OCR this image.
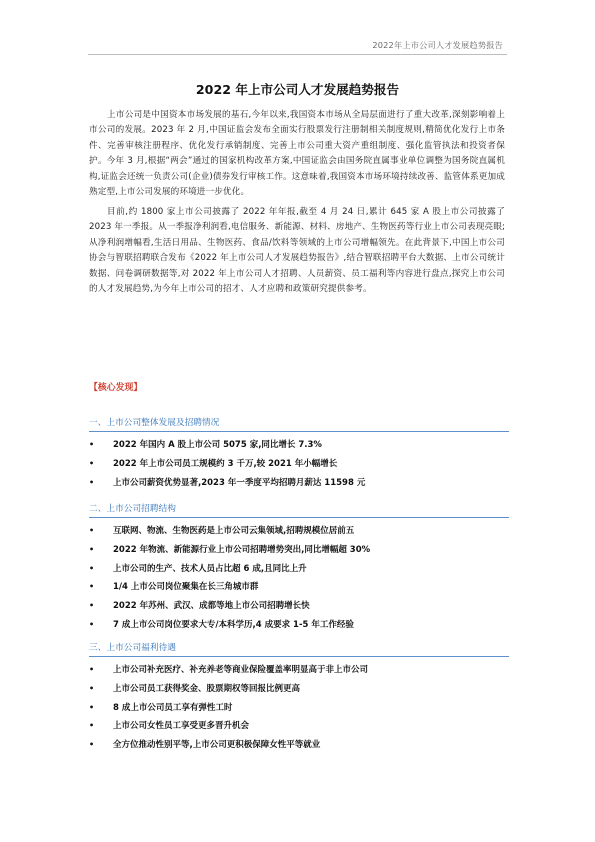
2022年上市公司人才发展趋势报告
2022 年上市公司人才发展趋势报告

上市公司是中国资本市场发展的基石,今年以来,我国资本市场从全局层面进行了重大改革,深刻影响着上市公司的发展。2023 年 2 月,中国证监会发布全面实行股票发行注册制相关制度规则,精简优化发行上市条件、完善审核注册程序、优化发行承销制度、完善上市公司重大资产重组制度、强化监管执法和投资者保护。今年 3 月,根据“两会”通过的国家机构改革方案,中国证监会由国务院直属事业单位调整为国务院直属机构,证监会还统一负责公司(企业)债券发行审核工作。这意味着,我国资本市场环境持续改善、监管体系更加成熟定型,上市公司发展的环境进一步优化。

目前,约 1800 家上市公司披露了 2022 年年报,截至 4 月 24 日,累计 645 家 A 股上市公司披露了 2023 年一季报。从一季报净利润看,电信服务、新能源、材料、房地产、生物医药等行业上市公司表现亮眼;从净利润增幅看,生活日用品、生物医药、食品/饮料等领域的上市公司增幅领先。在此背景下,中国上市公司协会与智联招聘联合发布《2022 年上市公司人才发展趋势报告》,结合智联招聘平台大数据、上市公司统计数据、问卷调研数据等,对 2022 年上市公司人才招聘、人员薪资、员工福利等内容进行盘点,探究上市公司的人才发展趋势,为今年上市公司的招才、人才应聘和政策研究提供参考。

【核心发现】
一、上市公司整体发展及招聘情况
• 2022 年国内 A 股上市公司 5075 家,同比增长 7.3%
• 2022 年上市公司员工规模约 3 千万,较 2021 年小幅增长
• 上市公司薪资优势显著,2023 年一季度平均招聘月薪达 11598 元
二、上市公司招聘结构
• 互联网、物流、生物医药是上市公司云集领域,招聘规模位居前五
• 2022 年物流、新能源行业上市公司招聘增势突出,同比增幅超 30%
• 上市公司的生产、技术人员占比超 6 成,且同比上升
• 1/4 上市公司岗位聚集在长三角城市群
• 2022 年苏州、武汉、成都等地上市公司招聘增长快
• 7 成上市公司岗位要求大专/本科学历,4 成要求 1-5 年工作经验
三、上市公司福利待遇
• 上市公司补充医疗、补充养老等商业保险覆盖率明显高于非上市公司
• 上市公司员工获得奖金、股票期权等回报比例更高
• 8 成上市公司员工享有弹性工时
• 上市公司女性员工享受更多晋升机会
• 全方位推动性别平等,上市公司更积极保障女性平等就业
